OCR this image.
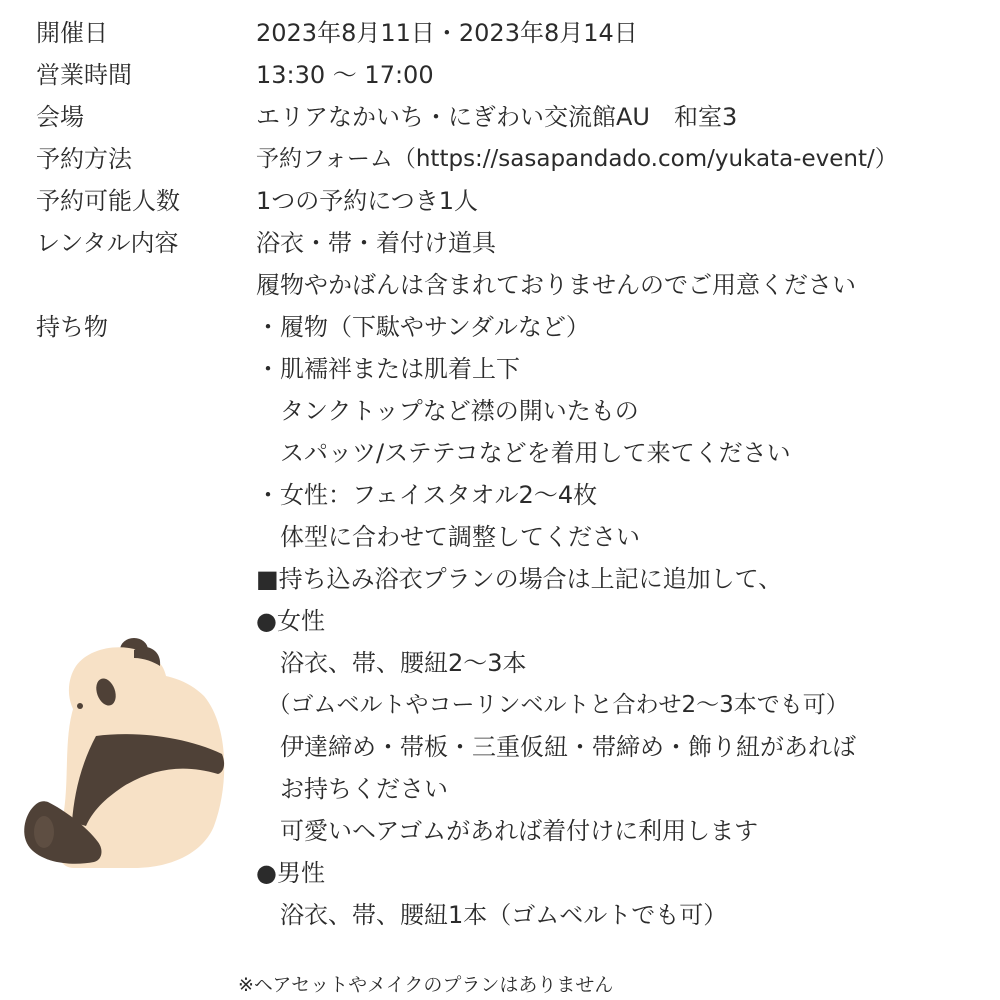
開催日
営業時間
会場
予約方法
予約可能人数
レンタル内容
持ち物
2023年8月11日・2023年8月14日
13:30 ～ 17:00
エリアなかいち・にぎわい交流館AU　和室3
予約フォーム（https://sasapandado.com/yukata-event/）
1つの予約につき1人
浴衣・帯・着付け道具
履物やかばんは含まれておりませんのでご用意ください
・履物（下駄やサンダルなど）
・肌襦袢または肌着上下
　タンクトップなど襟の開いたもの
　スパッツ/ステテコなどを着用して来てください
・女性：フェイスタオル2～4枚
　体型に合わせて調整してください
■持ち込み浴衣プランの場合は上記に追加して、
●女性
　浴衣、帯、腰紐2～3本
　（ゴムベルトやコーリンベルトと合わせ2～3本でも可）
　伊達締め・帯板・三重仮紐・帯締め・飾り紐があれば
　お持ちください
　可愛いヘアゴムがあれば着付けに利用します
●男性
　浴衣、帯、腰紐1本（ゴムベルトでも可）
※ヘアセットやメイクのプランはありません
